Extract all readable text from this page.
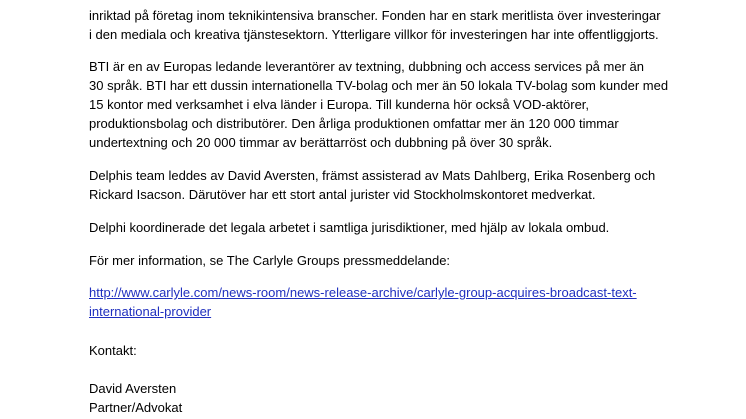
inriktad på företag inom teknikintensiva branscher. Fonden har en stark meritlista över investeringar
i den mediala och kreativa tjänstesektorn. Ytterligare villkor för investeringen har inte offentliggjorts.
BTI är en av Europas ledande leverantörer av textning, dubbning och access services på mer än
30 språk. BTI har ett dussin internationella TV-bolag och mer än 50 lokala TV-bolag som kunder med
15 kontor med verksamhet i elva länder i Europa. Till kunderna hör också VOD-aktörer,
produktionsbolag och distributörer. Den årliga produktionen omfattar mer än 120 000 timmar
undertextning och 20 000 timmar av berättarröst och dubbning på över 30 språk.
Delphis team leddes av David Aversten, främst assisterad av Mats Dahlberg, Erika Rosenberg och
Rickard Isacson. Därutöver har ett stort antal jurister vid Stockholmskontoret medverkat.
Delphi koordinerade det legala arbetet i samtliga jurisdiktioner, med hjälp av lokala ombud.
För mer information, se The Carlyle Groups pressmeddelande:
http://www.carlyle.com/news-room/news-release-archive/carlyle-group-acquires-broadcast-text-
international-provider
Kontakt:
David Aversten
Partner/Advokat
